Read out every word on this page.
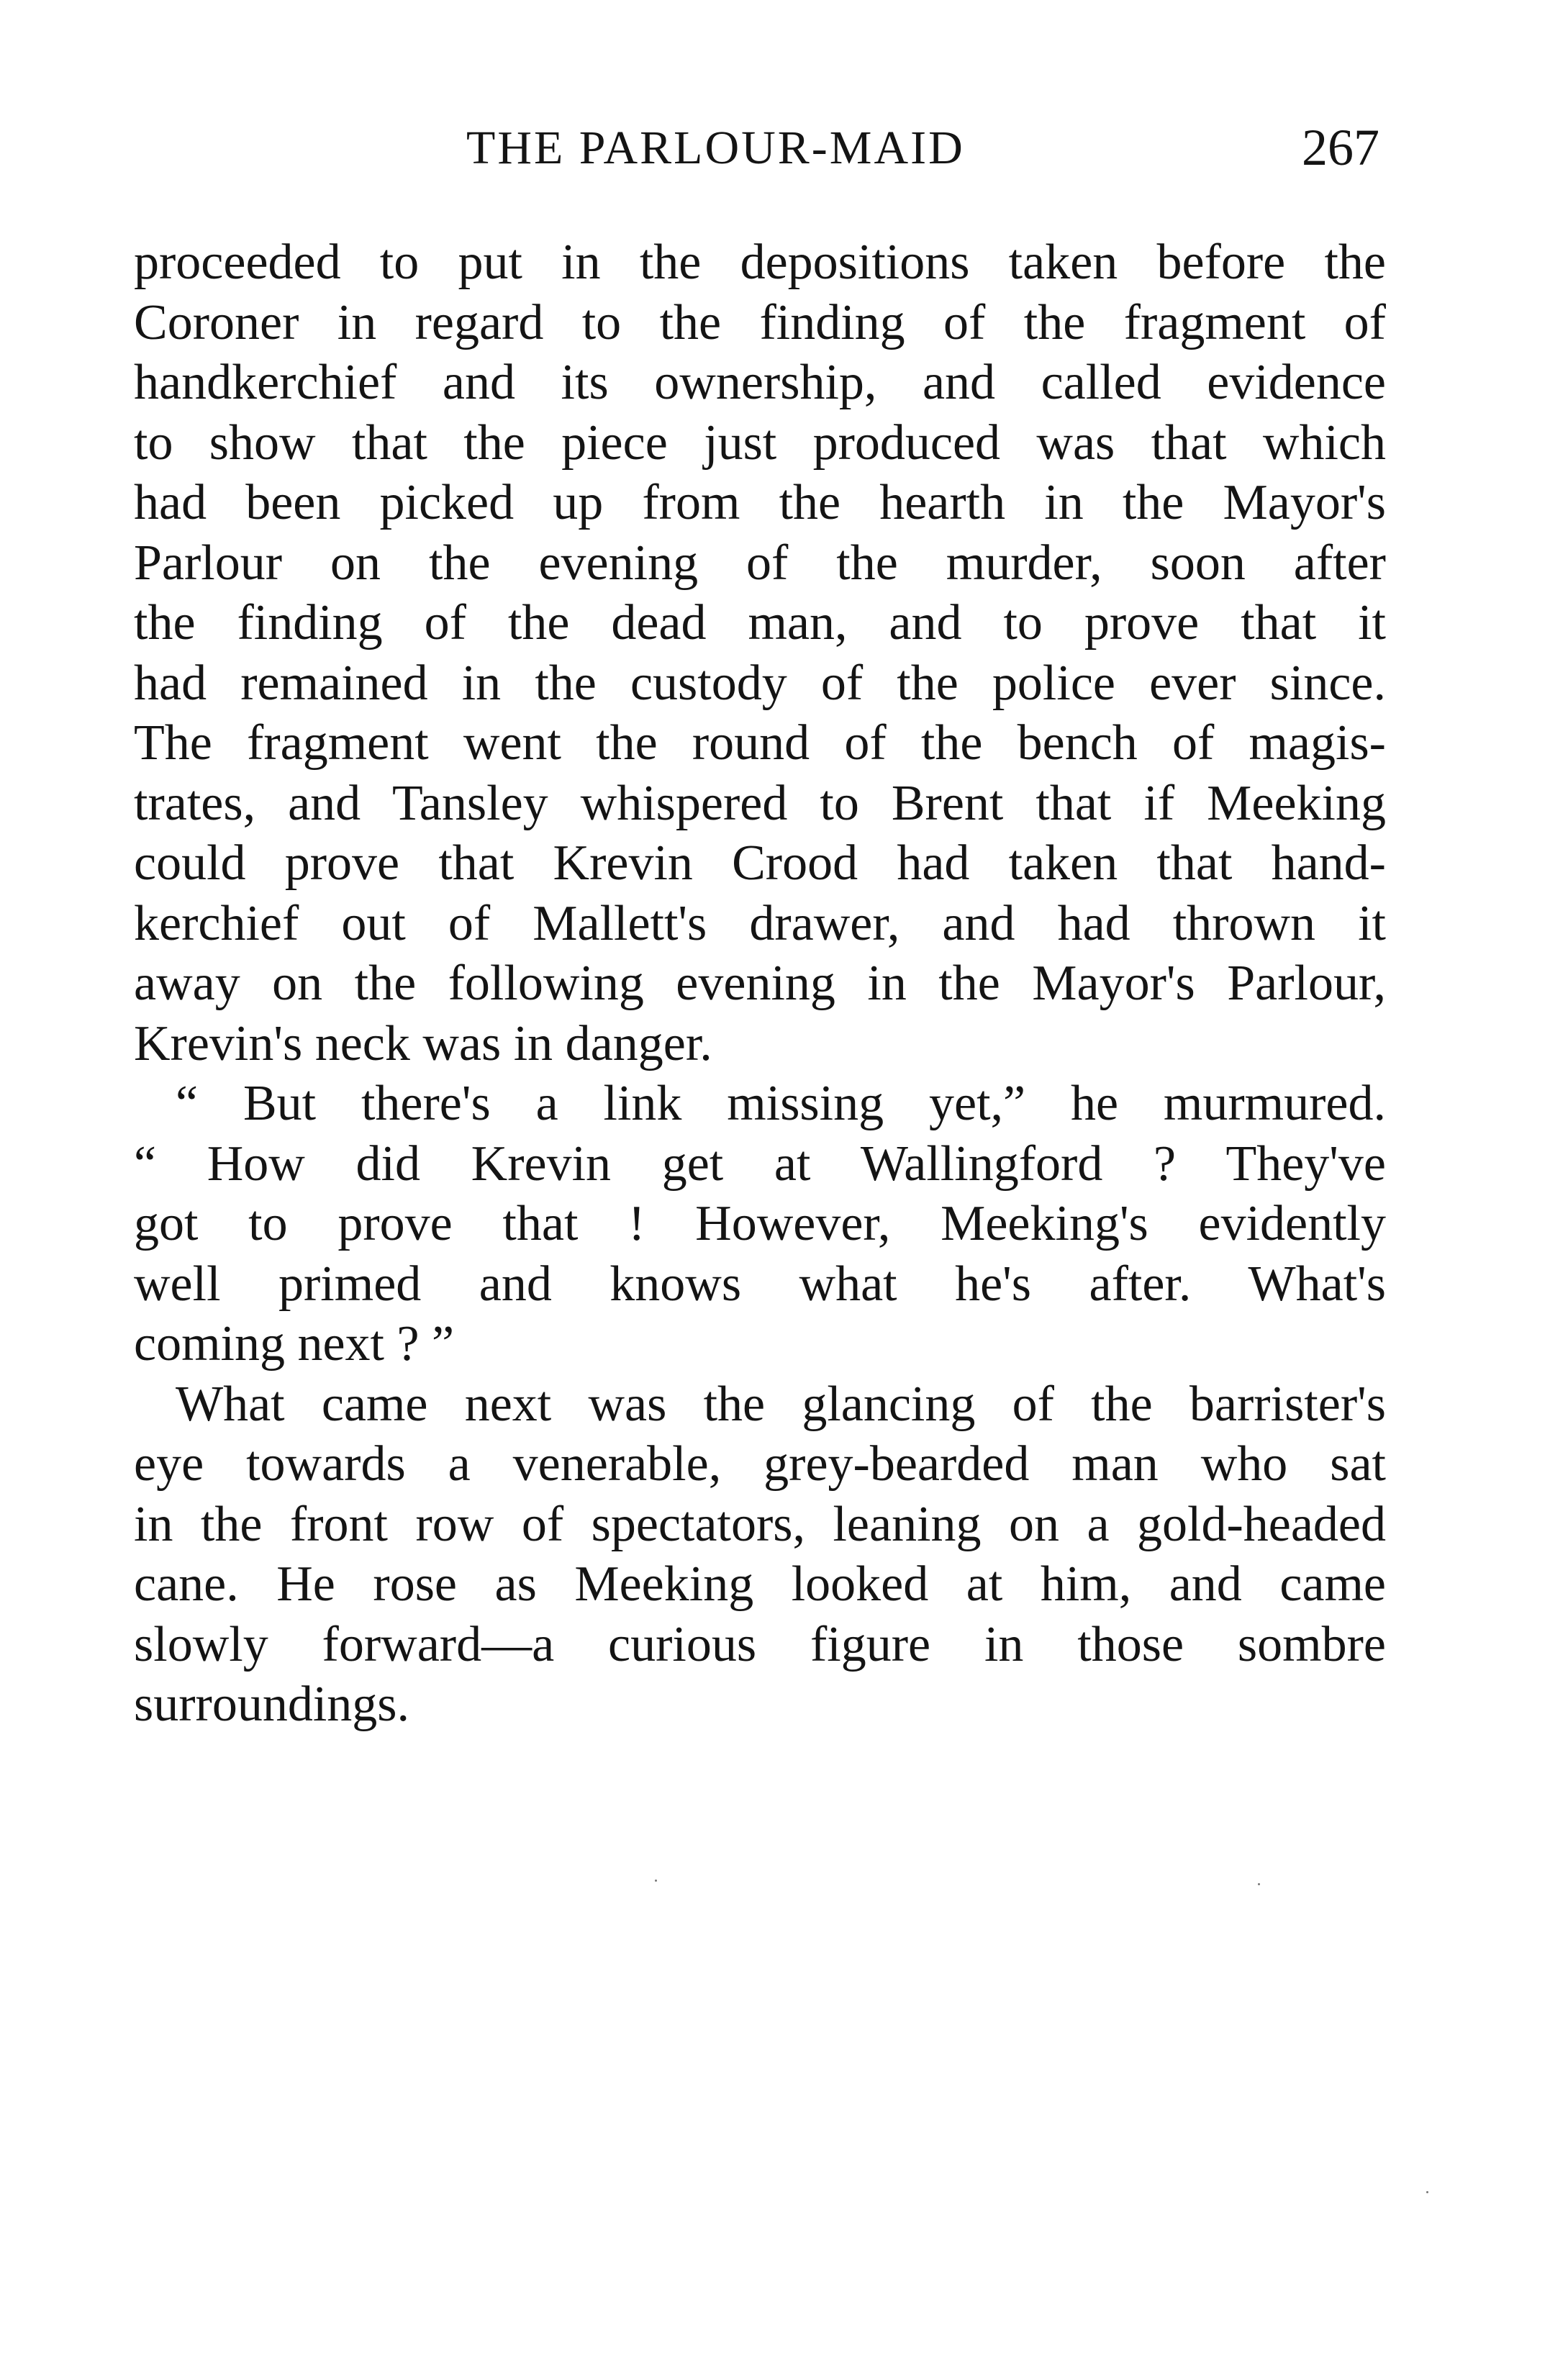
THE PARLOUR-MAID	267
proceeded to put in the depositions taken before the
Coroner in regard to the finding of the fragment of
handkerchief and its ownership, and called evidence
to show that the piece just produced was that which
had been picked up from the hearth in the Mayor's
Parlour on the evening of the murder, soon after
the finding of the dead man, and to prove that it
had remained in the custody of the police ever since.
The fragment went the round of the bench of magis-
trates, and Tansley whispered to Brent that if Meeking
could prove that Krevin Crood had taken that hand-
kerchief out of Mallett's drawer, and had thrown it
away on the following evening in the Mayor's Parlour,
Krevin's neck was in danger.
“ But there's a link missing yet,” he murmured.
“ How did Krevin get at Wallingford ? They've
got to prove that ! However, Meeking's evidently
well primed and knows what he's after. What's
coming next ? ”
What came next was the glancing of the barrister's
eye towards a venerable, grey-bearded man who sat
in the front row of spectators, leaning on a gold-headed
cane. He rose as Meeking looked at him, and came
slowly forward—a curious figure in those sombre
surroundings.
